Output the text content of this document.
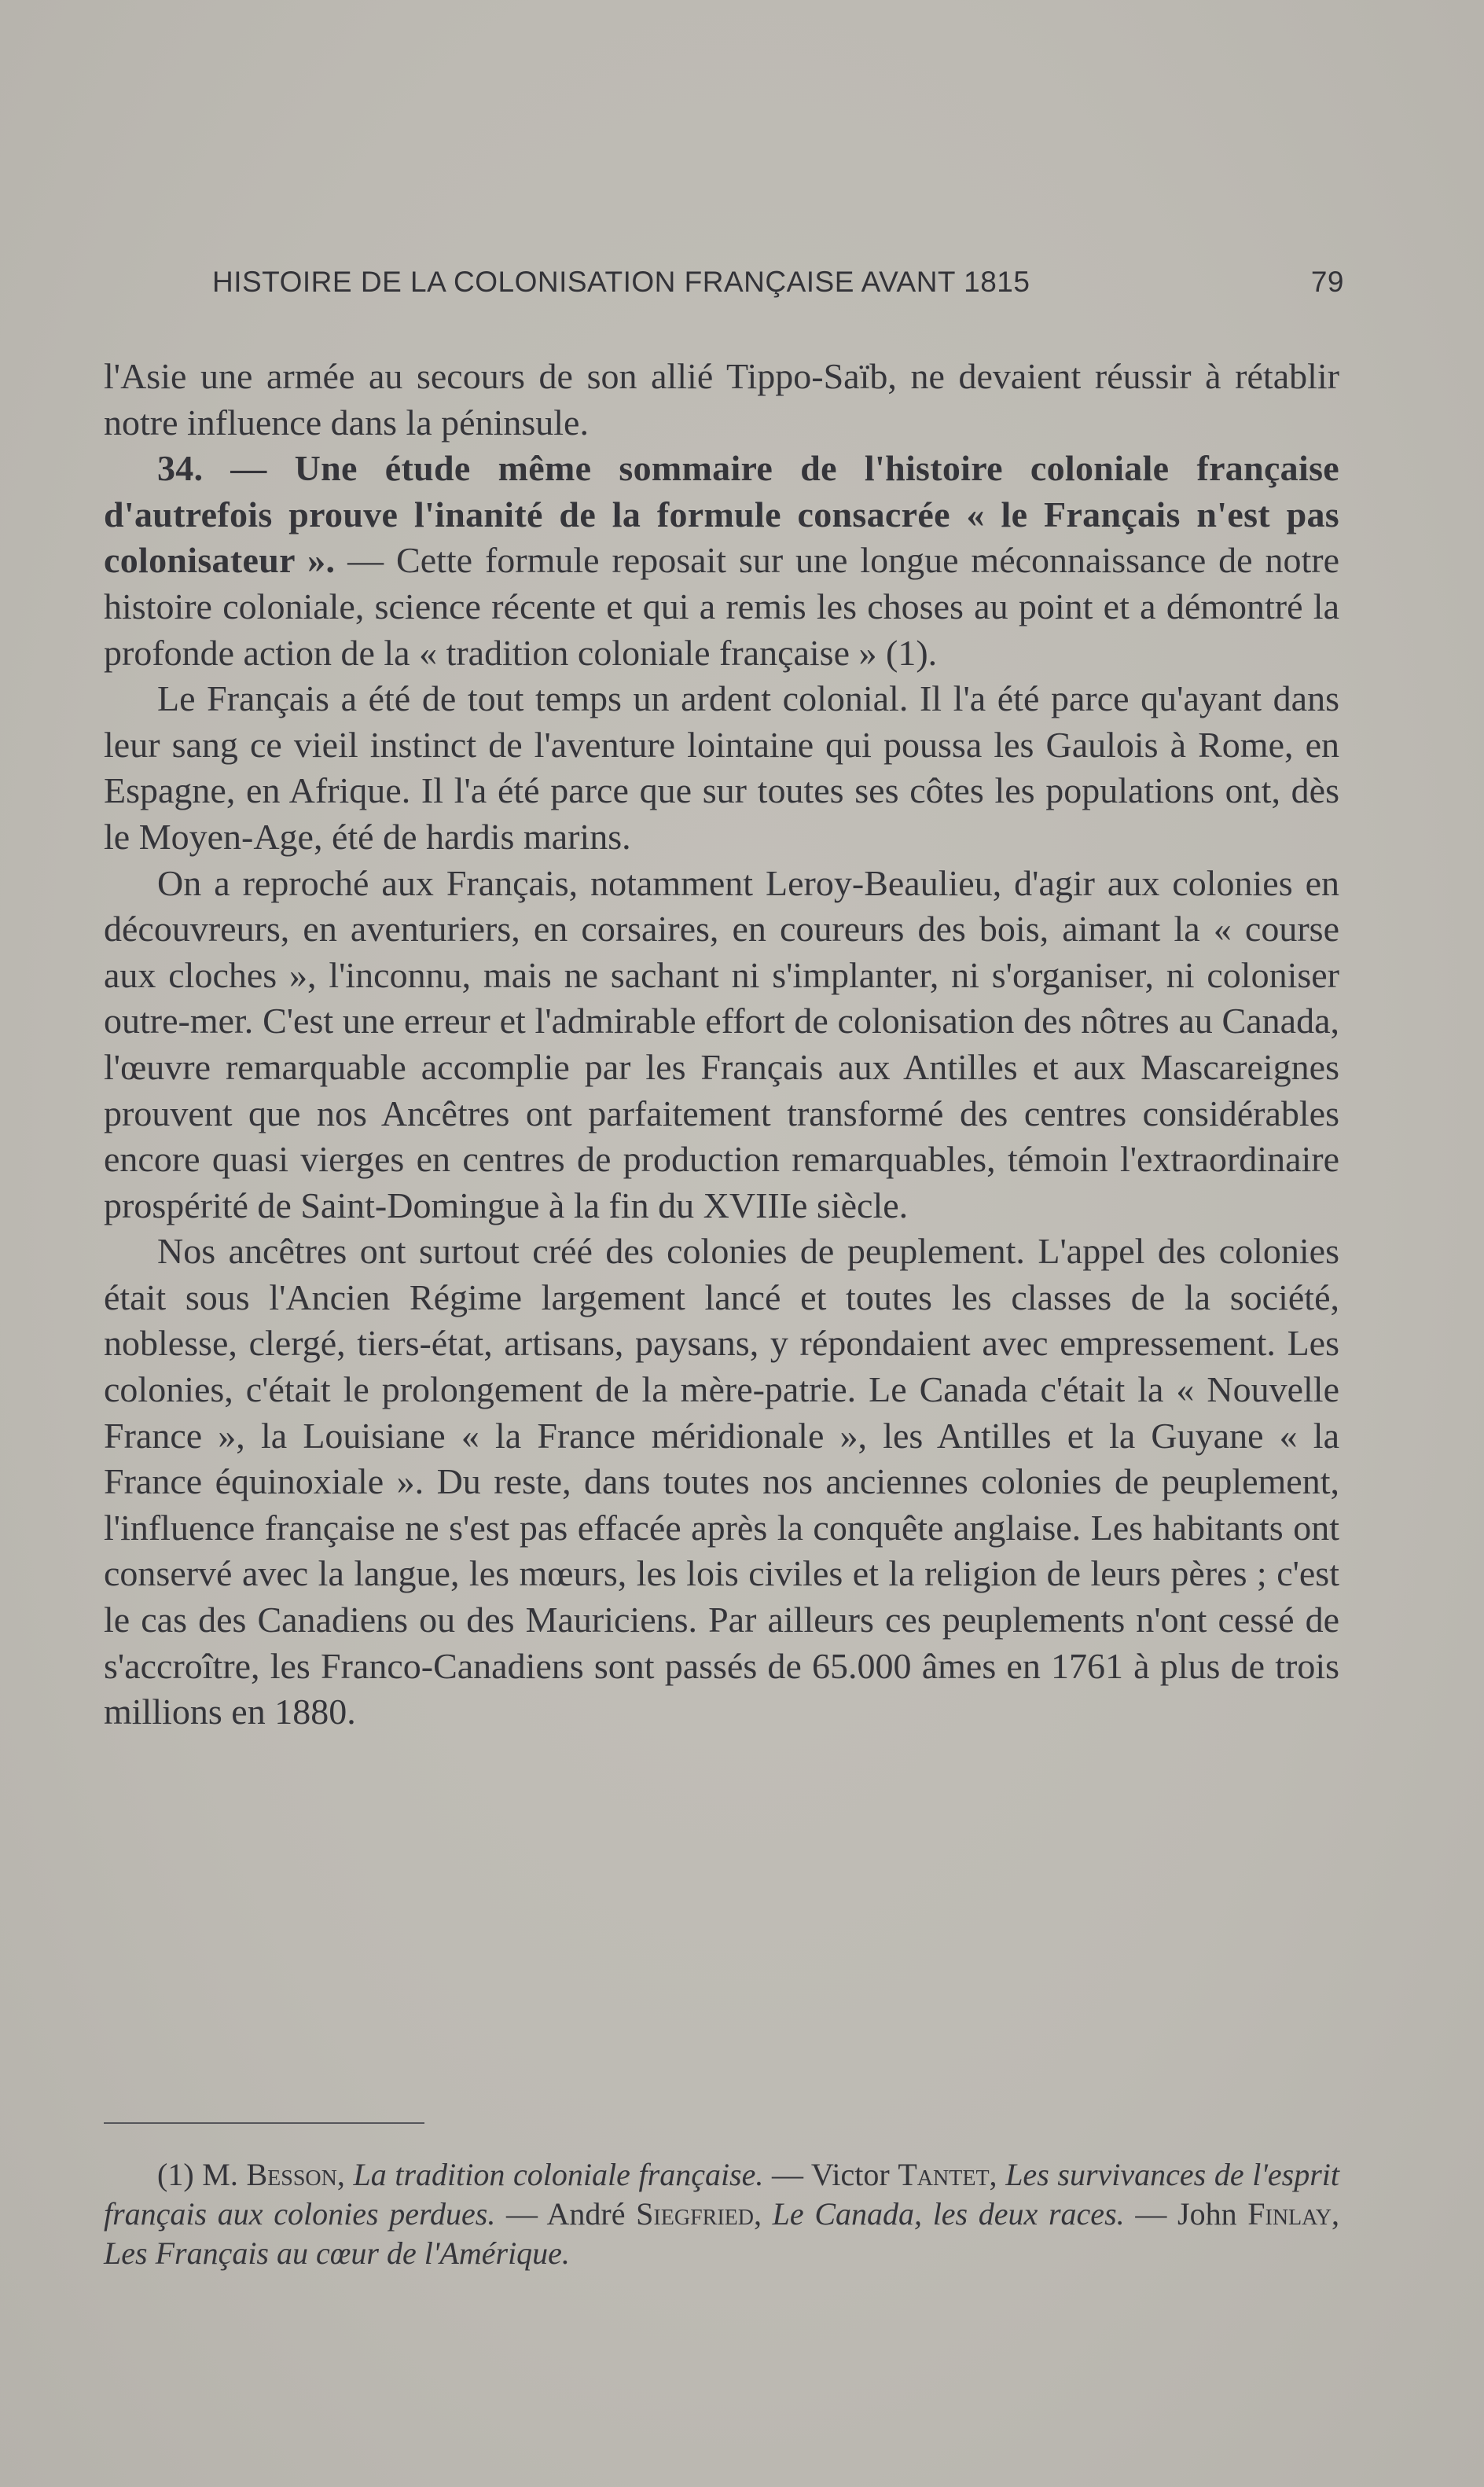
HISTOIRE DE LA COLONISATION FRANÇAISE AVANT 1815	79

l'Asie une armée au secours de son allié Tippo-Saïb, ne devaient réussir à rétablir notre influence dans la péninsule.

34. — Une étude même sommaire de l'histoire coloniale française d'autrefois prouve l'inanité de la formule consacrée « le Français n'est pas colonisateur ». — Cette formule reposait sur une longue méconnaissance de notre histoire coloniale, science récente et qui a remis les choses au point et a démontré la profonde action de la « tradition coloniale française » (1).

Le Français a été de tout temps un ardent colonial. Il l'a été parce qu'ayant dans leur sang ce vieil instinct de l'aventure lointaine qui poussa les Gaulois à Rome, en Espagne, en Afrique. Il l'a été parce que sur toutes ses côtes les populations ont, dès le Moyen-Age, été de hardis marins.

On a reproché aux Français, notamment Leroy-Beaulieu, d'agir aux colonies en découvreurs, en aventuriers, en corsaires, en coureurs des bois, aimant la « course aux cloches », l'inconnu, mais ne sachant ni s'implanter, ni s'organiser, ni coloniser outre-mer. C'est une erreur et l'admirable effort de colonisation des nôtres au Canada, l'œuvre remarquable accomplie par les Français aux Antilles et aux Mascareignes prouvent que nos Ancêtres ont parfaitement transformé des centres considérables encore quasi vierges en centres de production remarquables, témoin l'extraordinaire prospérité de Saint-Domingue à la fin du XVIIIe siècle.

Nos ancêtres ont surtout créé des colonies de peuplement. L'appel des colonies était sous l'Ancien Régime largement lancé et toutes les classes de la société, noblesse, clergé, tiers-état, artisans, paysans, y répondaient avec empressement. Les colonies, c'était le prolongement de la mère-patrie. Le Canada c'était la « Nouvelle France », la Louisiane « la France méridionale », les Antilles et la Guyane « la France équinoxiale ». Du reste, dans toutes nos anciennes colonies de peuplement, l'influence française ne s'est pas effacée après la conquête anglaise. Les habitants ont conservé avec la langue, les mœurs, les lois civiles et la religion de leurs pères ; c'est le cas des Canadiens ou des Mauriciens. Par ailleurs ces peuplements n'ont cessé de s'accroître, les Franco-Canadiens sont passés de 65.000 âmes en 1761 à plus de trois millions en 1880.

(1) M. Besson, La tradition coloniale française. — Victor Tantet, Les survivances de l'esprit français aux colonies perdues. — André Siegfried, Le Canada, les deux races. — John Finlay, Les Français au cœur de l'Amérique.
